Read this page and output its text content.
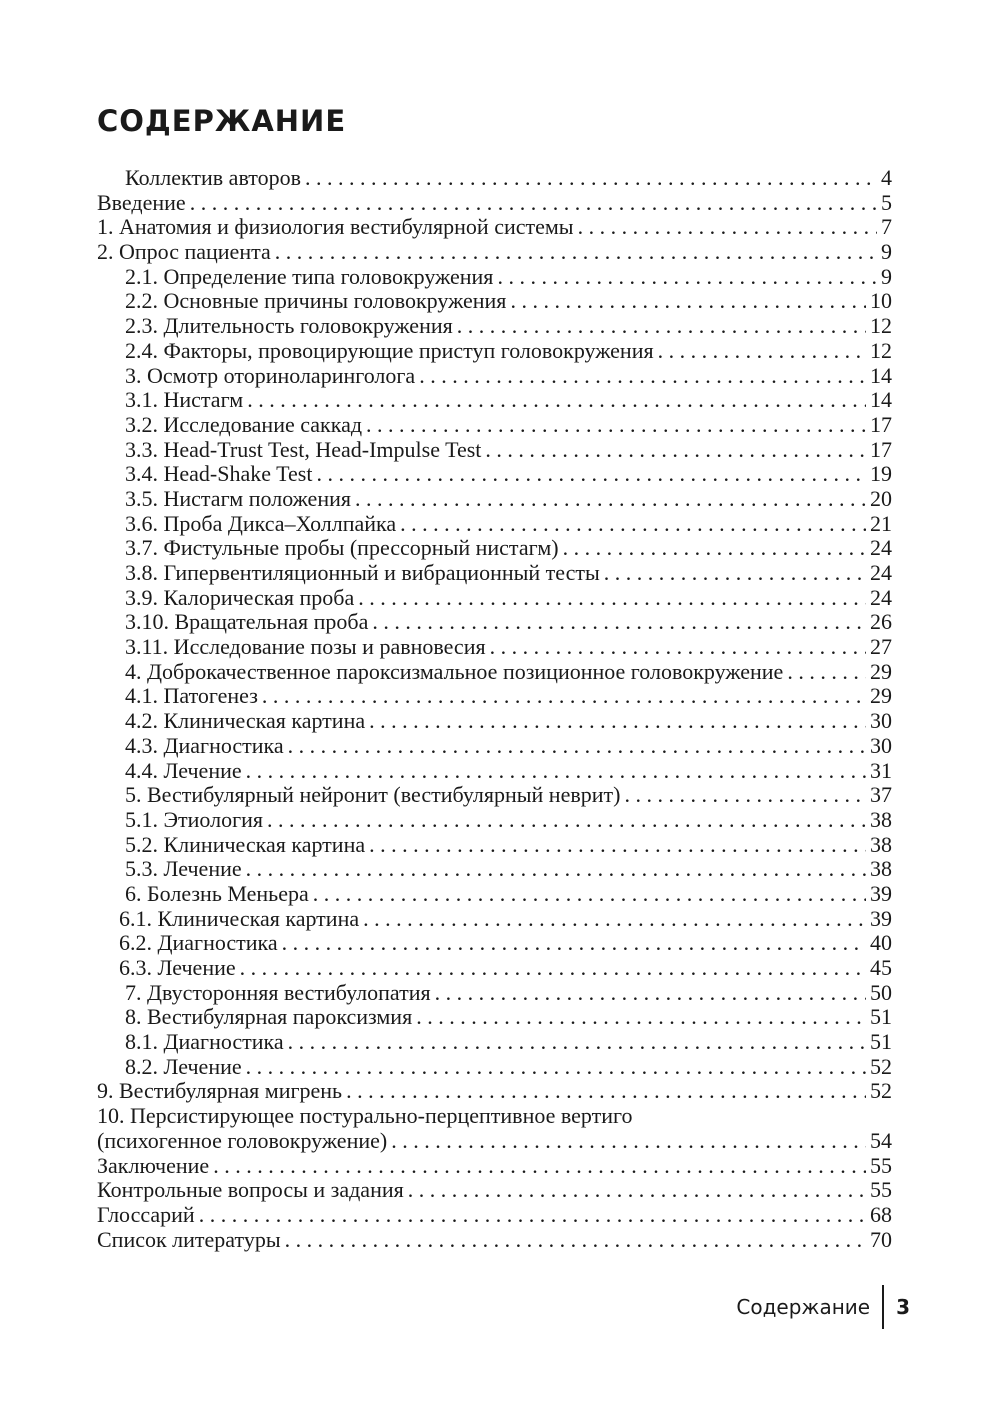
СОДЕРЖАНИЕ
Коллектив авторов . . .	4
Введение . . .	5
1. Анатомия и физиология вестибулярной системы . . .	7
2. Опрос пациента . . .	9
2.1. Определение типа головокружения . . .	9
2.2. Основные причины головокружения . . .	10
2.3. Длительность головокружения . . .	12
2.4. Факторы, провоцирующие приступ головокружения . . .	12
3. Осмотр оториноларинголога . . .	14
3.1. Нистагм . . .	14
3.2. Исследование саккад . . .	17
3.3. Head-Trust Test, Head-Impulse Test . . .	17
3.4. Head-Shake Test . . .	19
3.5. Нистагм положения . . .	20
3.6. Проба Дикса–Холлпайка . . .	21
3.7. Фистульные пробы (прессорный нистагм) . . .	24
3.8. Гипервентиляционный и вибрационный тесты . . .	24
3.9. Калорическая проба . . .	24
3.10. Вращательная проба . . .	26
3.11. Исследование позы и равновесия . . .	27
4. Доброкачественное пароксизмальное позиционное головокружение . . .	29
4.1. Патогенез . . .	29
4.2. Клиническая картина . . .	30
4.3. Диагностика . . .	30
4.4. Лечение . . .	31
5. Вестибулярный нейронит (вестибулярный неврит) . . .	37
5.1. Этиология . . .	38
5.2. Клиническая картина . . .	38
5.3. Лечение . . .	38
6. Болезнь Меньера . . .	39
6.1. Клиническая картина . . .	39
6.2. Диагностика . . .	40
6.3. Лечение . . .	45
7. Двусторонняя вестибулопатия . . .	50
8. Вестибулярная пароксизмия . . .	51
8.1. Диагностика . . .	51
8.2. Лечение . . .	52
9. Вестибулярная мигрень . . .	52
10. Персистирующее постурально-перцептивное вертиго
(психогенное головокружение) . . .	54
Заключение . . .	55
Контрольные вопросы и задания . . .	55
Глоссарий . . .	68
Список литературы . . .	70
Содержание 3
